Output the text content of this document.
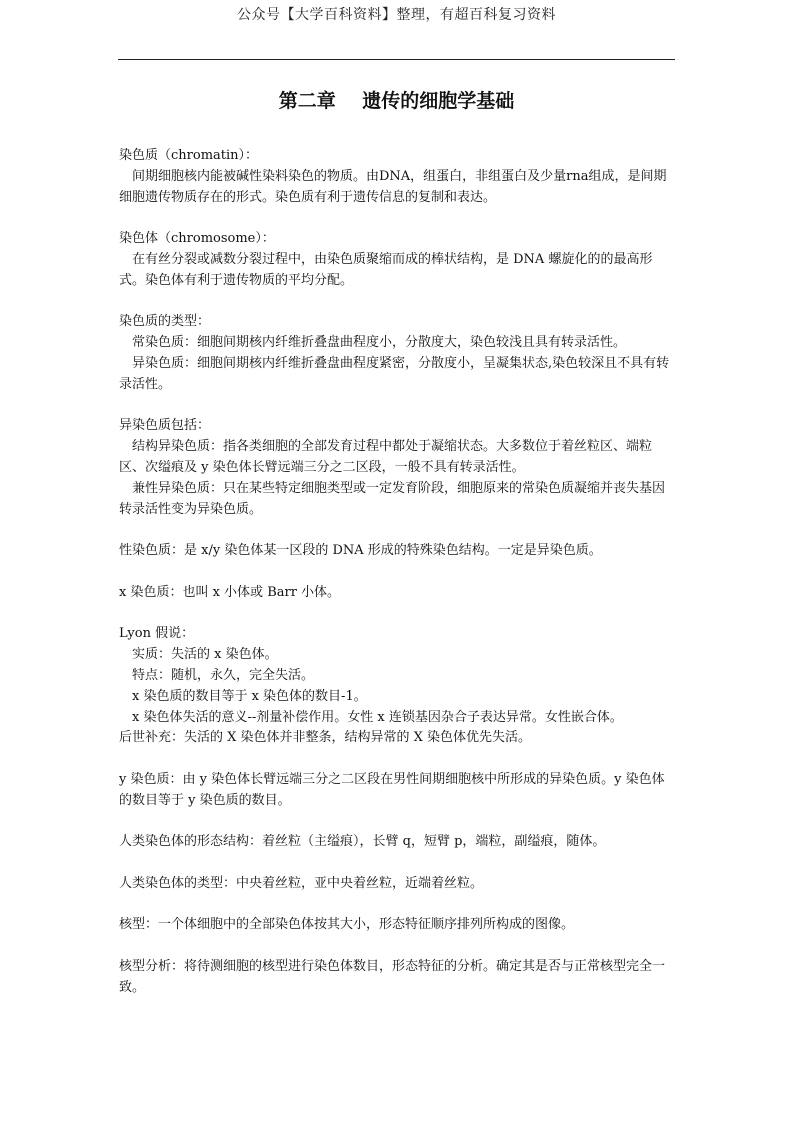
公众号【大学百科资料】整理，有超百科复习资料
第二章    遗传的细胞学基础

染色质（chromatin）：

间期细胞核内能被碱性染料染色的物质。由DNA，组蛋白，非组蛋白及少量rna组成，是间期细胞遗传物质存在的形式。染色质有利于遗传信息的复制和表达。

染色体（chromosome）：

在有丝分裂或减数分裂过程中，由染色质聚缩而成的棒状结构，是 DNA 螺旋化的的最高形式。染色体有利于遗传物质的平均分配。

染色质的类型：

常染色质：细胞间期核内纤维折叠盘曲程度小，分散度大，染色较浅且具有转录活性。

异染色质：细胞间期核内纤维折叠盘曲程度紧密，分散度小，呈凝集状态,染色较深且不具有转录活性。

异染色质包括：

结构异染色质：指各类细胞的全部发育过程中都处于凝缩状态。大多数位于着丝粒区、端粒区、次缢痕及 y 染色体长臂远端三分之二区段，一般不具有转录活性。

兼性异染色质：只在某些特定细胞类型或一定发育阶段，细胞原来的常染色质凝缩并丧失基因转录活性变为异染色质。

性染色质：是 x/y 染色体某一区段的 DNA 形成的特殊染色结构。一定是异染色质。

x 染色质：也叫 x 小体或 Barr 小体。

Lyon 假说：

实质：失活的 x 染色体。

特点：随机，永久，完全失活。

x 染色质的数目等于 x 染色体的数目-1。

x 染色体失活的意义--剂量补偿作用。女性 x 连锁基因杂合子表达异常。女性嵌合体。

后世补充：失活的 X 染色体并非整条，结构异常的 X 染色体优先失活。

y 染色质：由 y 染色体长臂远端三分之二区段在男性间期细胞核中所形成的异染色质。y 染色体的数目等于 y 染色质的数目。

人类染色体的形态结构：着丝粒（主缢痕），长臂 q，短臂 p，端粒，副缢痕，随体。

人类染色体的类型：中央着丝粒，亚中央着丝粒，近端着丝粒。

核型：一个体细胞中的全部染色体按其大小，形态特征顺序排列所构成的图像。

核型分析：将待测细胞的核型进行染色体数目，形态特征的分析。确定其是否与正常核型完全一致。
